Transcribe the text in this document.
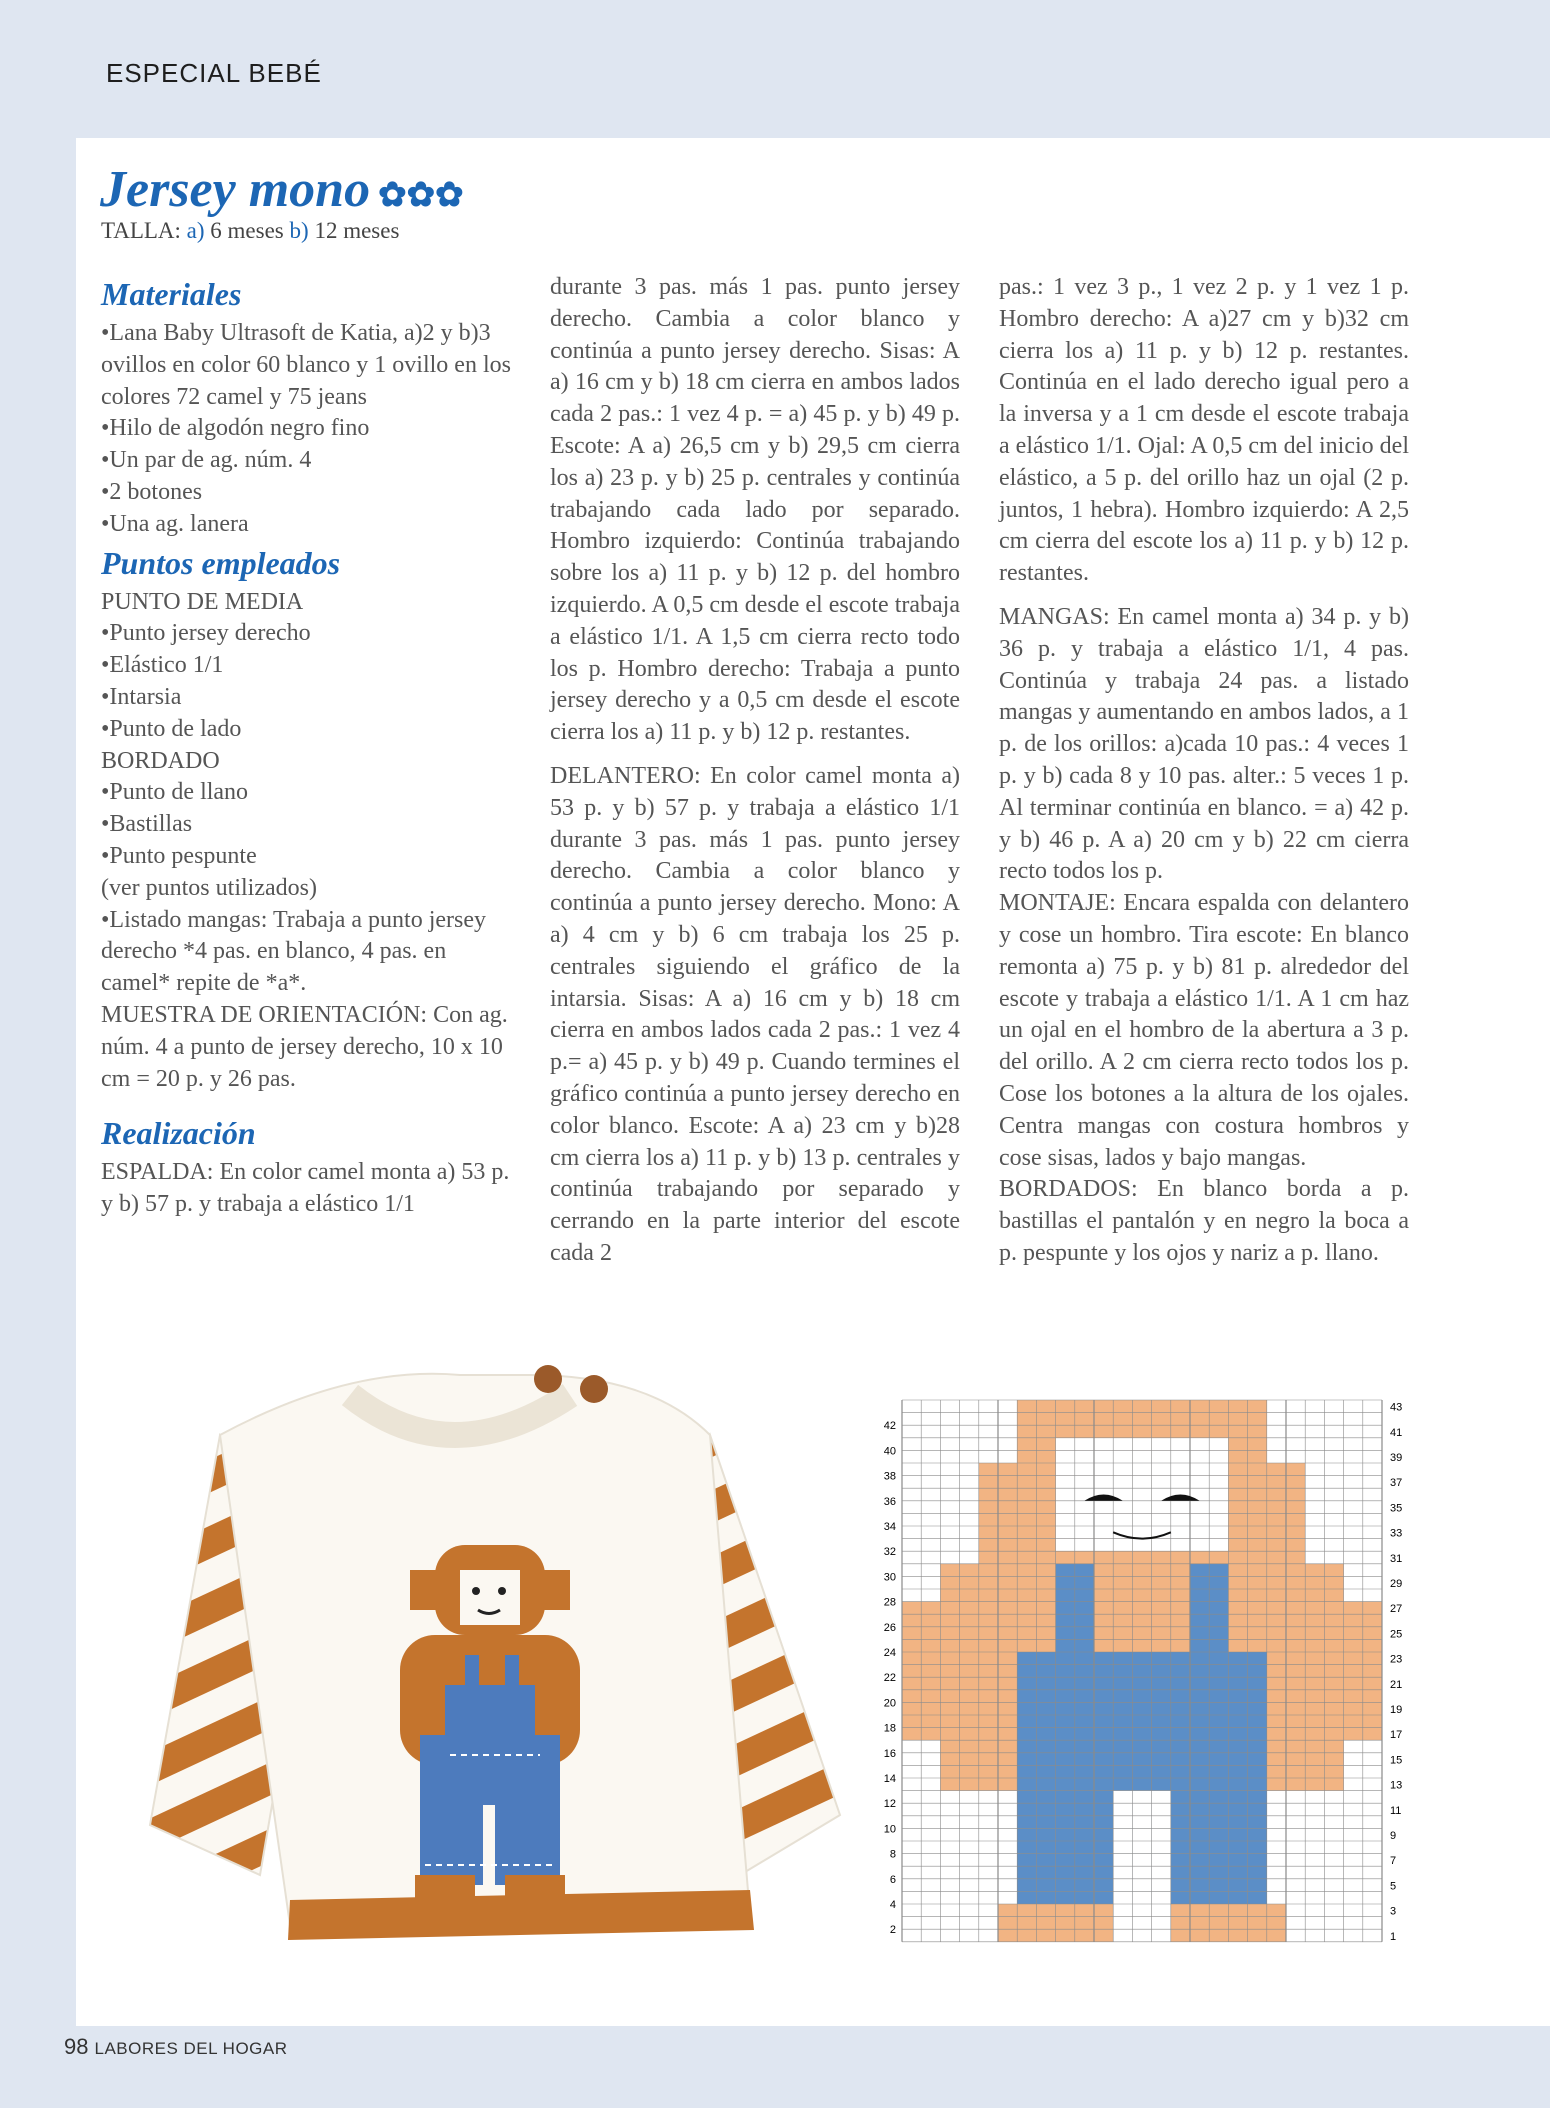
ESPECIAL BEBÉ
Jersey mono ✿✿✿
TALLA: a) 6 meses b) 12 meses
Materiales

•Lana Baby Ultrasoft de Katia, a)2 y b)3 ovillos en color 60 blanco y 1 ovillo en los colores 72 camel y 75 jeans

•Hilo de algodón negro fino

•Un par de ag. núm. 4

•2 botones

•Una ag. lanera

Puntos empleados

PUNTO DE MEDIA

•Punto jersey derecho

•Elástico 1/1

•Intarsia

•Punto de lado

BORDADO

•Punto de llano

•Bastillas

•Punto pespunte

(ver puntos utilizados)

•Listado mangas: Trabaja a punto jersey derecho *4 pas. en blanco, 4 pas. en camel* repite de *a*.

MUESTRA DE ORIENTACIÓN: Con ag. núm. 4 a punto de jersey derecho, 10 x 10 cm = 20 p. y 26 pas.

Realización

ESPALDA: En color camel monta a) 53 p. y b) 57 p. y trabaja a elástico 1/1

durante 3 pas. más 1 pas. punto jersey derecho. Cambia a color blanco y continúa a punto jersey derecho. Sisas: A a) 16 cm y b) 18 cm cierra en ambos lados cada 2 pas.: 1 vez 4 p. = a) 45 p. y b) 49 p. Escote: A a) 26,5 cm y b) 29,5 cm cierra los a) 23 p. y b) 25 p. centrales y continúa trabajando cada lado por separado. Hombro izquierdo: Continúa trabajando sobre los a) 11 p. y b) 12 p. del hombro izquierdo. A 0,5 cm desde el escote trabaja a elástico 1/1. A 1,5 cm cierra recto todo los p. Hombro derecho: Trabaja a punto jersey derecho y a 0,5 cm desde el escote cierra los a) 11 p. y b) 12 p. restantes.

DELANTERO: En color camel monta a) 53 p. y b) 57 p. y trabaja a elástico 1/1 durante 3 pas. más 1 pas. punto jersey derecho. Cambia a color blanco y continúa a punto jersey derecho. Mono: A a) 4 cm y b) 6 cm trabaja los 25 p. centrales siguiendo el gráfico de la intarsia. Sisas: A a) 16 cm y b) 18 cm cierra en ambos lados cada 2 pas.: 1 vez 4 p.= a) 45 p. y b) 49 p. Cuando termines el gráfico continúa a punto jersey derecho en color blanco. Escote: A a) 23 cm y b)28 cm cierra los a) 11 p. y b) 13 p. centrales y continúa trabajando por separado y cerrando en la parte interior del escote cada 2

pas.: 1 vez 3 p., 1 vez 2 p. y 1 vez 1 p. Hombro derecho: A a)27 cm y b)32 cm cierra los a) 11 p. y b) 12 p. restantes. Continúa en el lado derecho igual pero a la inversa y a 1 cm desde el escote trabaja a elástico 1/1. Ojal: A 0,5 cm del inicio del elástico, a 5 p. del orillo haz un ojal (2 p. juntos, 1 hebra). Hombro izquierdo: A 2,5 cm cierra del escote los a) 11 p. y b) 12 p. restantes.

MANGAS: En camel monta a) 34 p. y b) 36 p. y trabaja a elástico 1/1, 4 pas. Continúa y trabaja 24 pas. a listado mangas y aumentando en ambos lados, a 1 p. de los orillos: a)cada 10 pas.: 4 veces 1 p. y b) cada 8 y 10 pas. alter.: 5 veces 1 p. Al terminar continúa en blanco. = a) 42 p. y b) 46 p. A a) 20 cm y b) 22 cm cierra recto todos los p.

MONTAJE: Encara espalda con delantero y cose un hombro. Tira escote: En blanco remonta a) 75 p. y b) 81 p. alrededor del escote y trabaja a elástico 1/1. A 1 cm haz un ojal en el hombro de la abertura a 3 p. del orillo. A 2 cm cierra recto todos los p. Cose los botones a la altura de los ojales. Centra mangas con costura hombros y cose sisas, lados y bajo mangas.

BORDADOS: En blanco borda a p. bastillas el pantalón y en negro la boca a p. pespunte y los ojos y nariz a p. llano.

42
40
38
36
34
32
30
28
26
24
22
20
18
16
14
12
10
8
6
4
2
43
41
39
37
35
33
31
29
27
25
23
21
19
17
15
13
11
9
7
5
3
1
98 LABORES DEL HOGAR
